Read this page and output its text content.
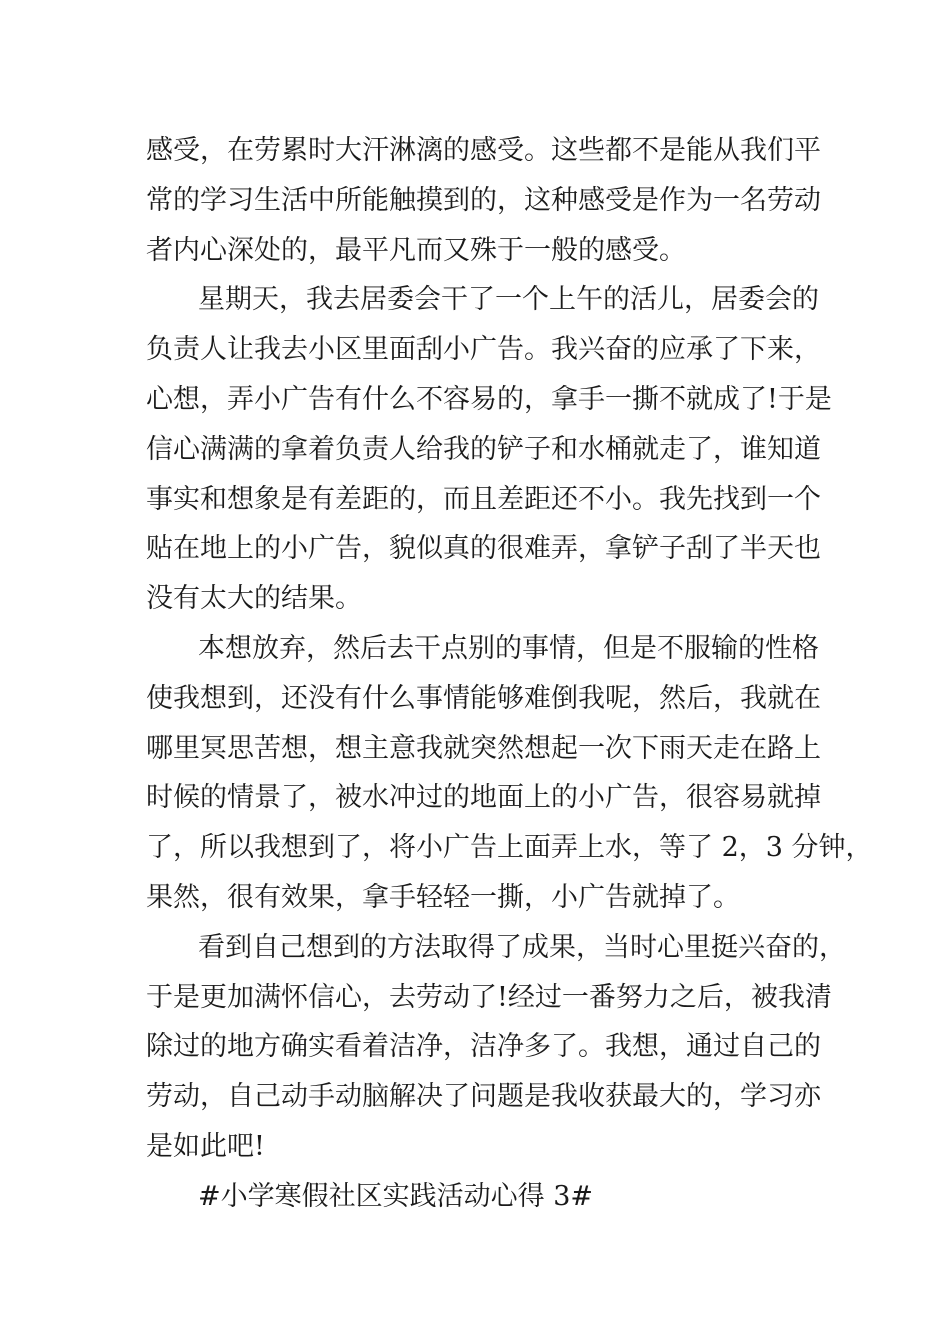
感受，在劳累时大汗淋漓的感受。这些都不是能从我们平
常的学习生活中所能触摸到的，这种感受是作为一名劳动
者内心深处的，最平凡而又殊于一般的感受。
星期天，我去居委会干了一个上午的活儿，居委会的
负责人让我去小区里面刮小广告。我兴奋的应承了下来，
心想，弄小广告有什么不容易的，拿手一撕不就成了!于是
信心满满的拿着负责人给我的铲子和水桶就走了，谁知道
事实和想象是有差距的，而且差距还不小。我先找到一个
贴在地上的小广告，貌似真的很难弄，拿铲子刮了半天也
没有太大的结果。
本想放弃，然后去干点别的事情，但是不服输的性格
使我想到，还没有什么事情能够难倒我呢，然后，我就在
哪里冥思苦想，想主意我就突然想起一次下雨天走在路上
时候的情景了，被水冲过的地面上的小广告，很容易就掉
了，所以我想到了，将小广告上面弄上水，等了 2，3 分钟，
果然，很有效果，拿手轻轻一撕，小广告就掉了。
看到自己想到的方法取得了成果，当时心里挺兴奋的，
于是更加满怀信心，去劳动了!经过一番努力之后，被我清
除过的地方确实看着洁净，洁净多了。我想，通过自己的
劳动，自己动手动脑解决了问题是我收获最大的，学习亦
是如此吧!
#小学寒假社区实践活动心得 3#
